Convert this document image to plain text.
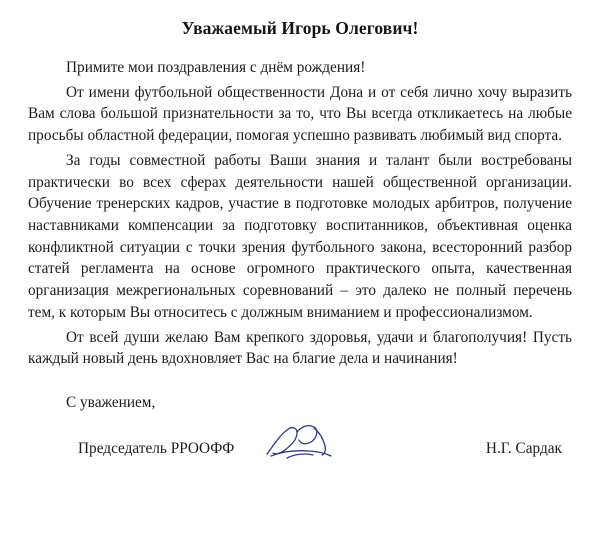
Уважаемый Игорь Олегович!

Примите мои поздравления с днём рождения!

От имени футбольной общественности Дона и от себя лично хочу выразить Вам слова большой признательности за то, что Вы всегда откликаетесь на любые просьбы областной федерации, помогая успешно развивать любимый вид спорта.

За годы совместной работы Ваши знания и талант были востребованы практически во всех сферах деятельности нашей общественной организации. Обучение тренерских кадров, участие в подготовке молодых арбитров, получение наставниками компенсации за подготовку воспитанников, объективная оценка конфликтной ситуации с точки зрения футбольного закона, всесторонний разбор статей регламента на основе огромного практического опыта, качественная организация межрегиональных соревнований – это далеко не полный перечень тем, к которым Вы относитесь с должным вниманием и профессионализмом.

От всей души желаю Вам крепкого здоровья, удачи и благополучия! Пусть каждый новый день вдохновляет Вас на благие дела и начинания!

С уважением,

Председатель РРООФФ	Н.Г. Сардак
